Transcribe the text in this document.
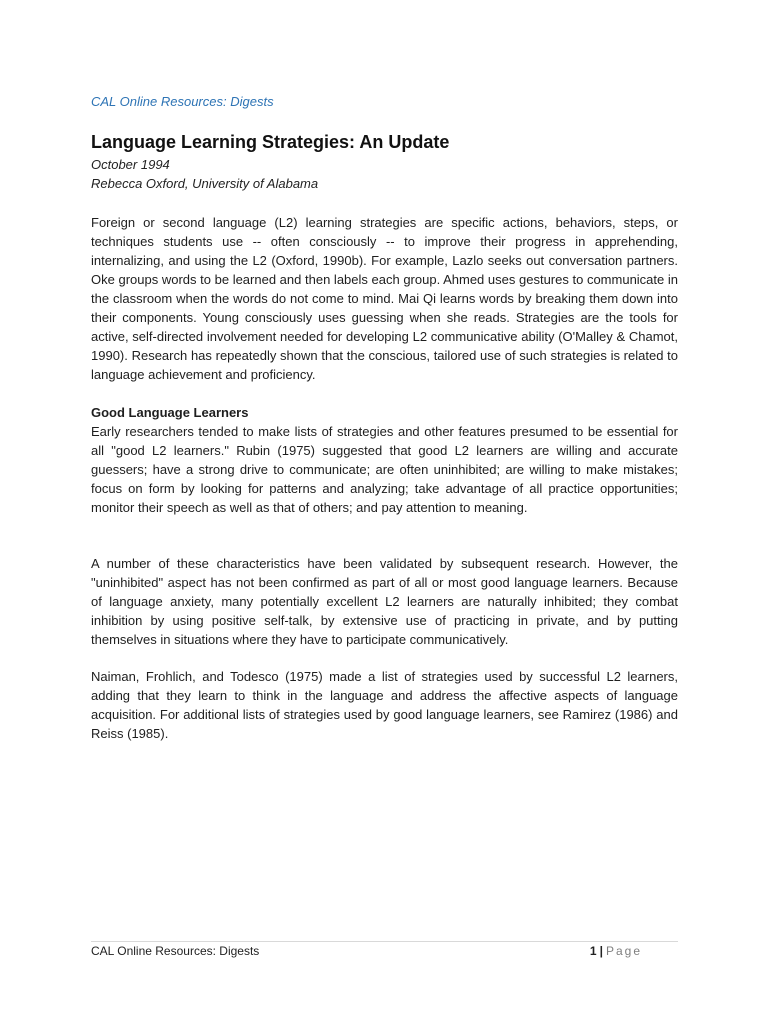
CAL Online Resources: Digests
Language Learning Strategies: An Update
October 1994
Rebecca Oxford, University of Alabama

Foreign or second language (L2) learning strategies are specific actions, behaviors, steps, or techniques students use -- often consciously -- to improve their progress in apprehending, internalizing, and using the L2 (Oxford, 1990b). For example, Lazlo seeks out conversation partners. Oke groups words to be learned and then labels each group. Ahmed uses gestures to communicate in the classroom when the words do not come to mind. Mai Qi learns words by breaking them down into their components. Young consciously uses guessing when she reads. Strategies are the tools for active, self-directed involvement needed for developing L2 communicative ability (O'Malley & Chamot, 1990). Research has repeatedly shown that the conscious, tailored use of such strategies is related to language achievement and proficiency.

Good Language Learners

Early researchers tended to make lists of strategies and other features presumed to be essential for all "good L2 learners." Rubin (1975) suggested that good L2 learners are willing and accurate guessers; have a strong drive to communicate; are often uninhibited; are willing to make mistakes; focus on form by looking for patterns and analyzing; take advantage of all practice opportunities; monitor their speech as well as that of others; and pay attention to meaning.

A number of these characteristics have been validated by subsequent research. However, the "uninhibited" aspect has not been confirmed as part of all or most good language learners. Because of language anxiety, many potentially excellent L2 learners are naturally inhibited; they combat inhibition by using positive self-talk, by extensive use of practicing in private, and by putting themselves in situations where they have to participate communicatively.

Naiman, Frohlich, and Todesco (1975) made a list of strategies used by successful L2 learners, adding that they learn to think in the language and address the affective aspects of language acquisition. For additional lists of strategies used by good language learners, see Ramirez (1986) and Reiss (1985).

CAL Online Resources: Digests	1 | Page
